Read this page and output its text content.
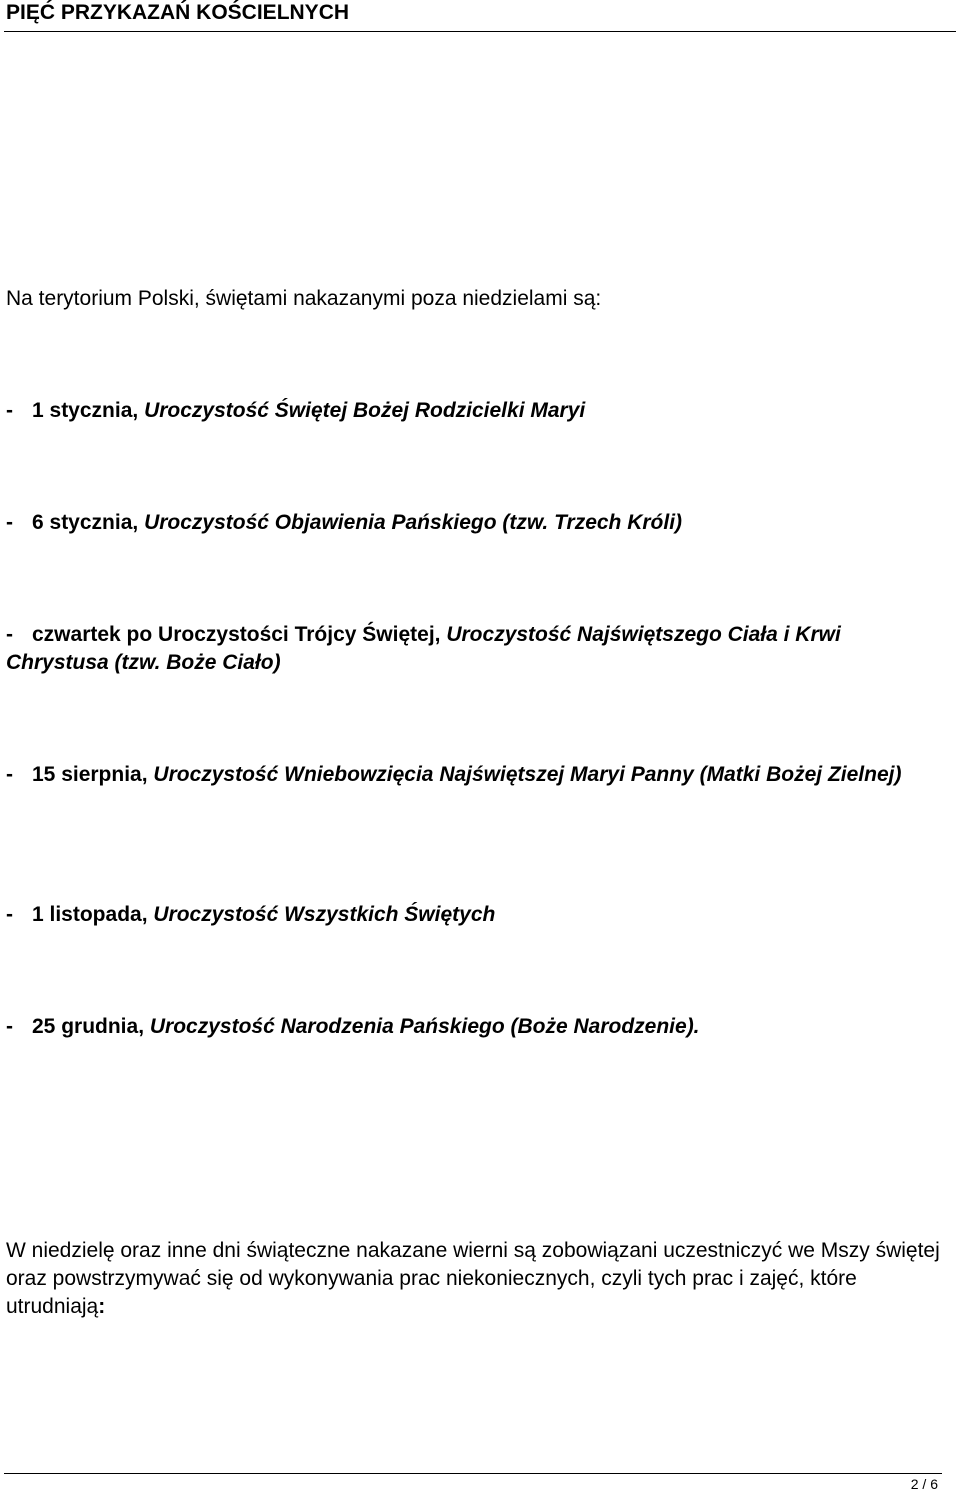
PIĘĆ PRZYKAZAŃ KOŚCIELNYCH
Na terytorium Polski, świętami nakazanymi poza niedzielami są:
- 1 stycznia, Uroczystość Świętej Bożej Rodzicielki Maryi
- 6 stycznia, Uroczystość Objawienia Pańskiego (tzw. Trzech Króli)
- czwartek po Uroczystości Trójcy Świętej, Uroczystość Najświętszego Ciała i Krwi Chrystusa (tzw. Boże Ciało)
- 15 sierpnia, Uroczystość Wniebowzięcia Najświętszej Maryi Panny (Matki Bożej Zielnej)
- 1 listopada, Uroczystość Wszystkich Świętych
- 25 grudnia, Uroczystość Narodzenia Pańskiego (Boże Narodzenie).
W niedzielę oraz inne dni świąteczne nakazane wierni są zobowiązani uczestniczyć we Mszy świętej oraz powstrzymywać się od wykonywania prac niekoniecznych, czyli tych prac i zajęć, które utrudniają:
2 / 6
